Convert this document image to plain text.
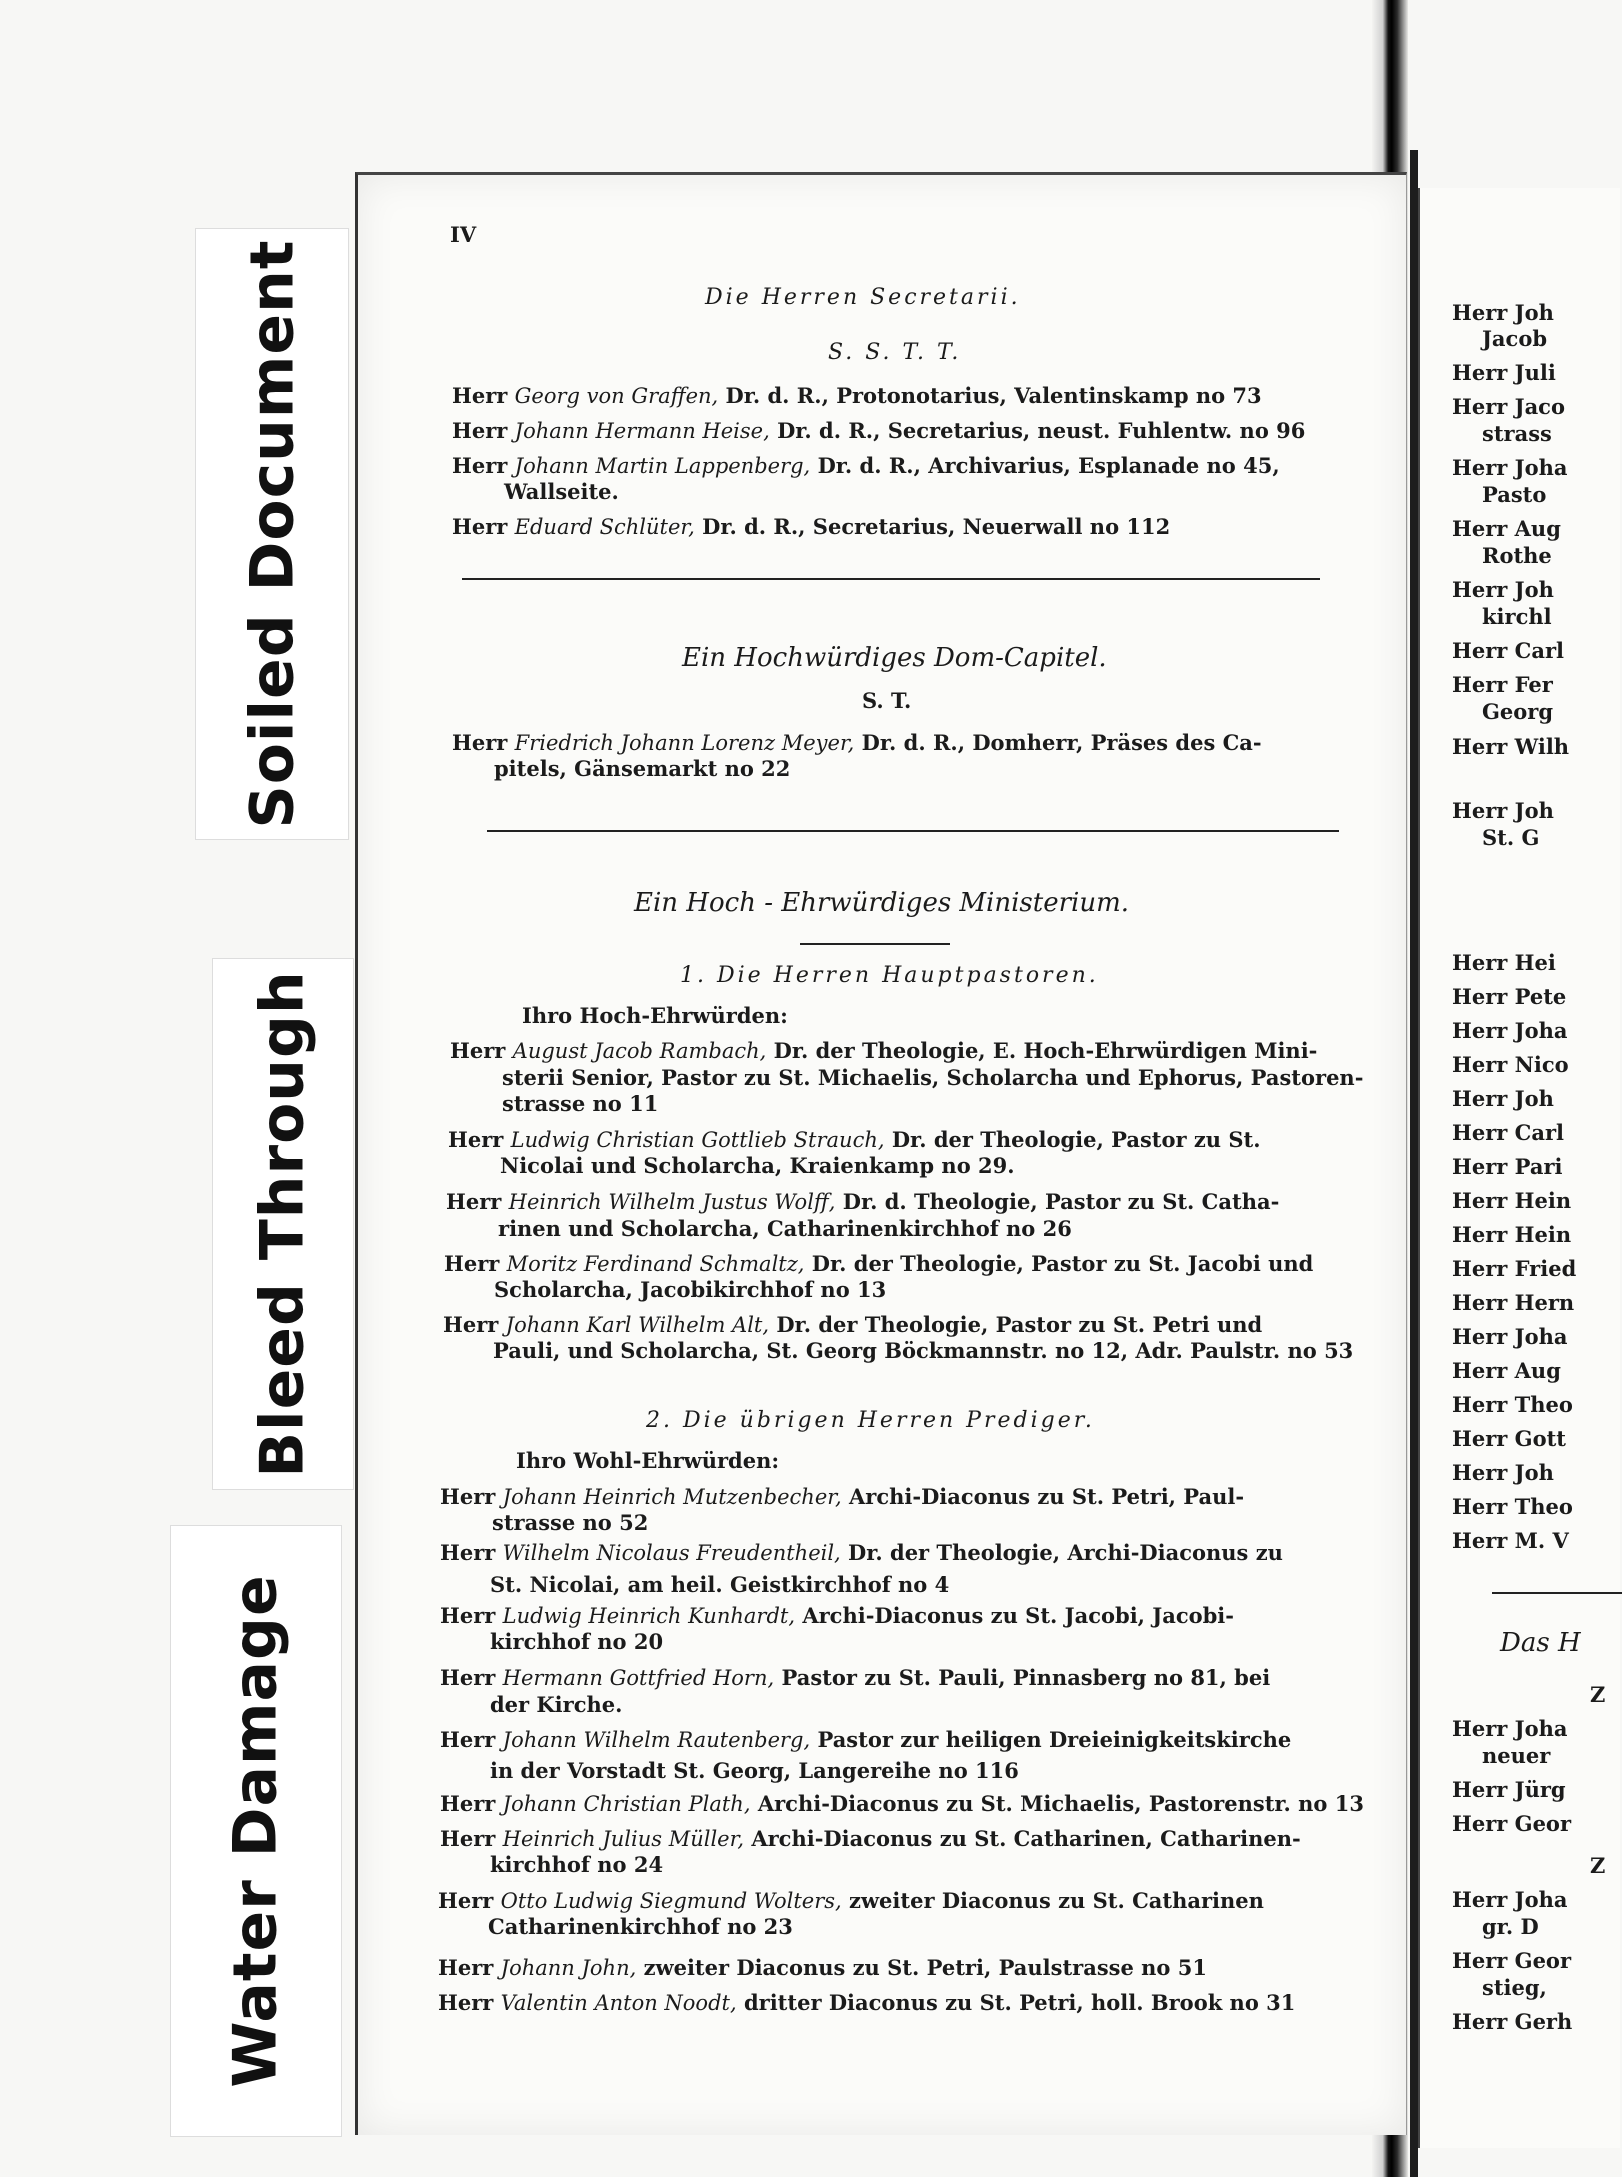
Soiled Document
Bleed Through
Water Damage
IV
Die Herren Secretarii.
S. S. T. T.
Herr Georg von Graffen, Dr. d. R., Protonotarius, Valentinskamp no 73
Herr Johann Hermann Heise, Dr. d. R., Secretarius, neust. Fuhlentw. no 96
Herr Johann Martin Lappenberg, Dr. d. R., Archivarius, Esplanade no 45,
Wallseite.
Herr Eduard Schlüter, Dr. d. R., Secretarius, Neuerwall no 112
Ein Hochwürdiges Dom-Capitel.
S. T.
Herr Friedrich Johann Lorenz Meyer, Dr. d. R., Domherr, Präses des Ca-
pitels, Gänsemarkt no 22
Ein Hoch - Ehrwürdiges Ministerium.
1. Die Herren Hauptpastoren.
Ihro Hoch-Ehrwürden:
Herr August Jacob Rambach, Dr. der Theologie, E. Hoch-Ehrwürdigen Mini-
sterii Senior, Pastor zu St. Michaelis, Scholarcha und Ephorus, Pastoren-
strasse no 11
Herr Ludwig Christian Gottlieb Strauch, Dr. der Theologie, Pastor zu St.
Nicolai und Scholarcha, Kraienkamp no 29.
Herr Heinrich Wilhelm Justus Wolff, Dr. d. Theologie, Pastor zu St. Catha-
rinen und Scholarcha, Catharinenkirchhof no 26
Herr Moritz Ferdinand Schmaltz, Dr. der Theologie, Pastor zu St. Jacobi und
Scholarcha, Jacobikirchhof no 13
Herr Johann Karl Wilhelm Alt, Dr. der Theologie, Pastor zu St. Petri und
Pauli, und Scholarcha, St. Georg Böckmannstr. no 12, Adr. Paulstr. no 53
2. Die übrigen Herren Prediger.
Ihro Wohl-Ehrwürden:
Herr Johann Heinrich Mutzenbecher, Archi-Diaconus zu St. Petri, Paul-
strasse no 52
Herr Wilhelm Nicolaus Freudentheil, Dr. der Theologie, Archi-Diaconus zu
St. Nicolai, am heil. Geistkirchhof no 4
Herr Ludwig Heinrich Kunhardt, Archi-Diaconus zu St. Jacobi, Jacobi-
kirchhof no 20
Herr Hermann Gottfried Horn, Pastor zu St. Pauli, Pinnasberg no 81, bei
der Kirche.
Herr Johann Wilhelm Rautenberg, Pastor zur heiligen Dreieinigkeitskirche
in der Vorstadt St. Georg, Langereihe no 116
Herr Johann Christian Plath, Archi-Diaconus zu St. Michaelis, Pastorenstr. no 13
Herr Heinrich Julius Müller, Archi-Diaconus zu St. Catharinen, Catharinen-
kirchhof no 24
Herr Otto Ludwig Siegmund Wolters, zweiter Diaconus zu St. Catharinen
Catharinenkirchhof no 23
Herr Johann John, zweiter Diaconus zu St. Petri, Paulstrasse no 51
Herr Valentin Anton Noodt, dritter Diaconus zu St. Petri, holl. Brook no 31
Herr Joh
Jacob
Herr Juli
Herr Jaco
strass
Herr Joha
Pasto
Herr Aug
Rothe
Herr Joh
kirchl
Herr Carl
Herr Fer
Georg
Herr Wilh
Herr Joh
St. G
Herr Hei
Herr Pete
Herr Joha
Herr Nico
Herr Joh
Herr Carl
Herr Pari
Herr Hein
Herr Hein
Herr Fried
Herr Hern
Herr Joha
Herr Aug
Herr Theo
Herr Gott
Herr Joh
Herr Theo
Herr M. V
Das H
Z
Herr Joha
neuer
Herr Jürg
Herr Geor
Z
Herr Joha
gr. D
Herr Geor
stieg,
Herr Gerh
